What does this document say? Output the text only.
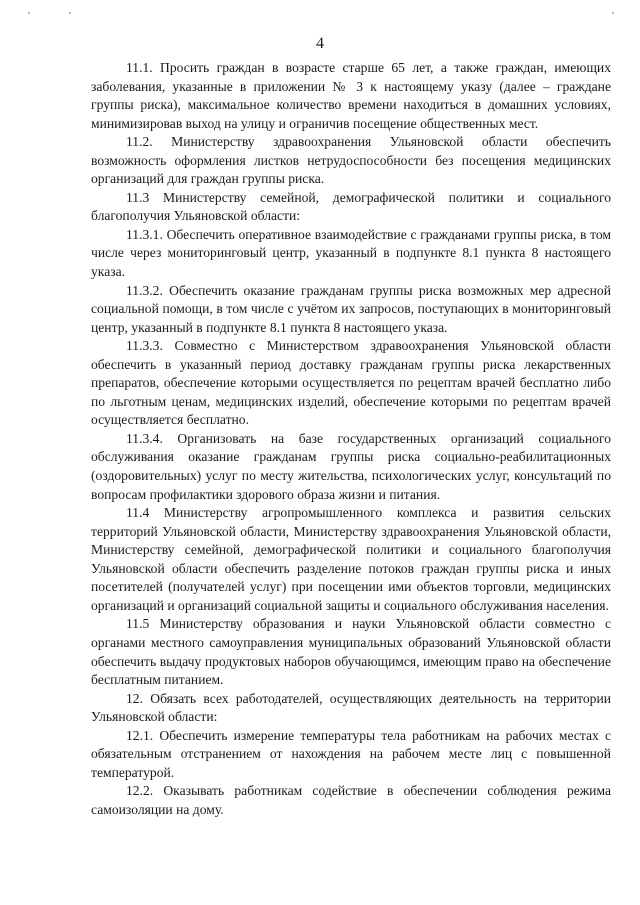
4

11.1. Просить граждан в возрасте старше 65 лет, а также граждан, имеющих заболевания, указанные в приложении № 3 к настоящему указу (далее – граждане группы риска), максимальное количество времени находиться в домашних условиях, минимизировав выход на улицу и ограничив посещение общественных мест.

11.2. Министерству здравоохранения Ульяновской области обеспечить возможность оформления листков нетрудоспособности без посещения медицинских организаций для граждан группы риска.

11.3 Министерству семейной, демографической политики и социального благополучия Ульяновской области:

11.3.1. Обеспечить оперативное взаимодействие с гражданами группы риска, в том числе через мониторинговый центр, указанный в подпункте 8.1 пункта 8 настоящего указа.

11.3.2. Обеспечить оказание гражданам группы риска возможных мер адресной социальной помощи, в том числе с учётом их запросов, поступающих в мониторинговый центр, указанный в подпункте 8.1 пункта 8 настоящего указа.

11.3.3. Совместно с Министерством здравоохранения Ульяновской области обеспечить в указанный период доставку гражданам группы риска лекарственных препаратов, обеспечение которыми осуществляется по рецептам врачей бесплатно либо по льготным ценам, медицинских изделий, обеспечение которыми по рецептам врачей осуществляется бесплатно.

11.3.4. Организовать на базе государственных организаций социального обслуживания оказание гражданам группы риска социально-реабилитационных (оздоровительных) услуг по месту жительства, психологических услуг, консультаций по вопросам профилактики здорового образа жизни и питания.

11.4 Министерству агропромышленного комплекса и развития сельских территорий Ульяновской области, Министерству здравоохранения Ульяновской области, Министерству семейной, демографической политики и социального благополучия Ульяновской области обеспечить разделение потоков граждан группы риска и иных посетителей (получателей услуг) при посещении ими объектов торговли, медицинских организаций и организаций социальной защиты и социального обслуживания населения.

11.5 Министерству образования и науки Ульяновской области совместно с органами местного самоуправления муниципальных образований Ульяновской области обеспечить выдачу продуктовых наборов обучающимся, имеющим право на обеспечение бесплатным питанием.

12. Обязать всех работодателей, осуществляющих деятельность на территории Ульяновской области:

12.1. Обеспечить измерение температуры тела работникам на рабочих местах с обязательным отстранением от нахождения на рабочем месте лиц с повышенной температурой.

12.2. Оказывать работникам содействие в обеспечении соблюдения режима самоизоляции на дому.
